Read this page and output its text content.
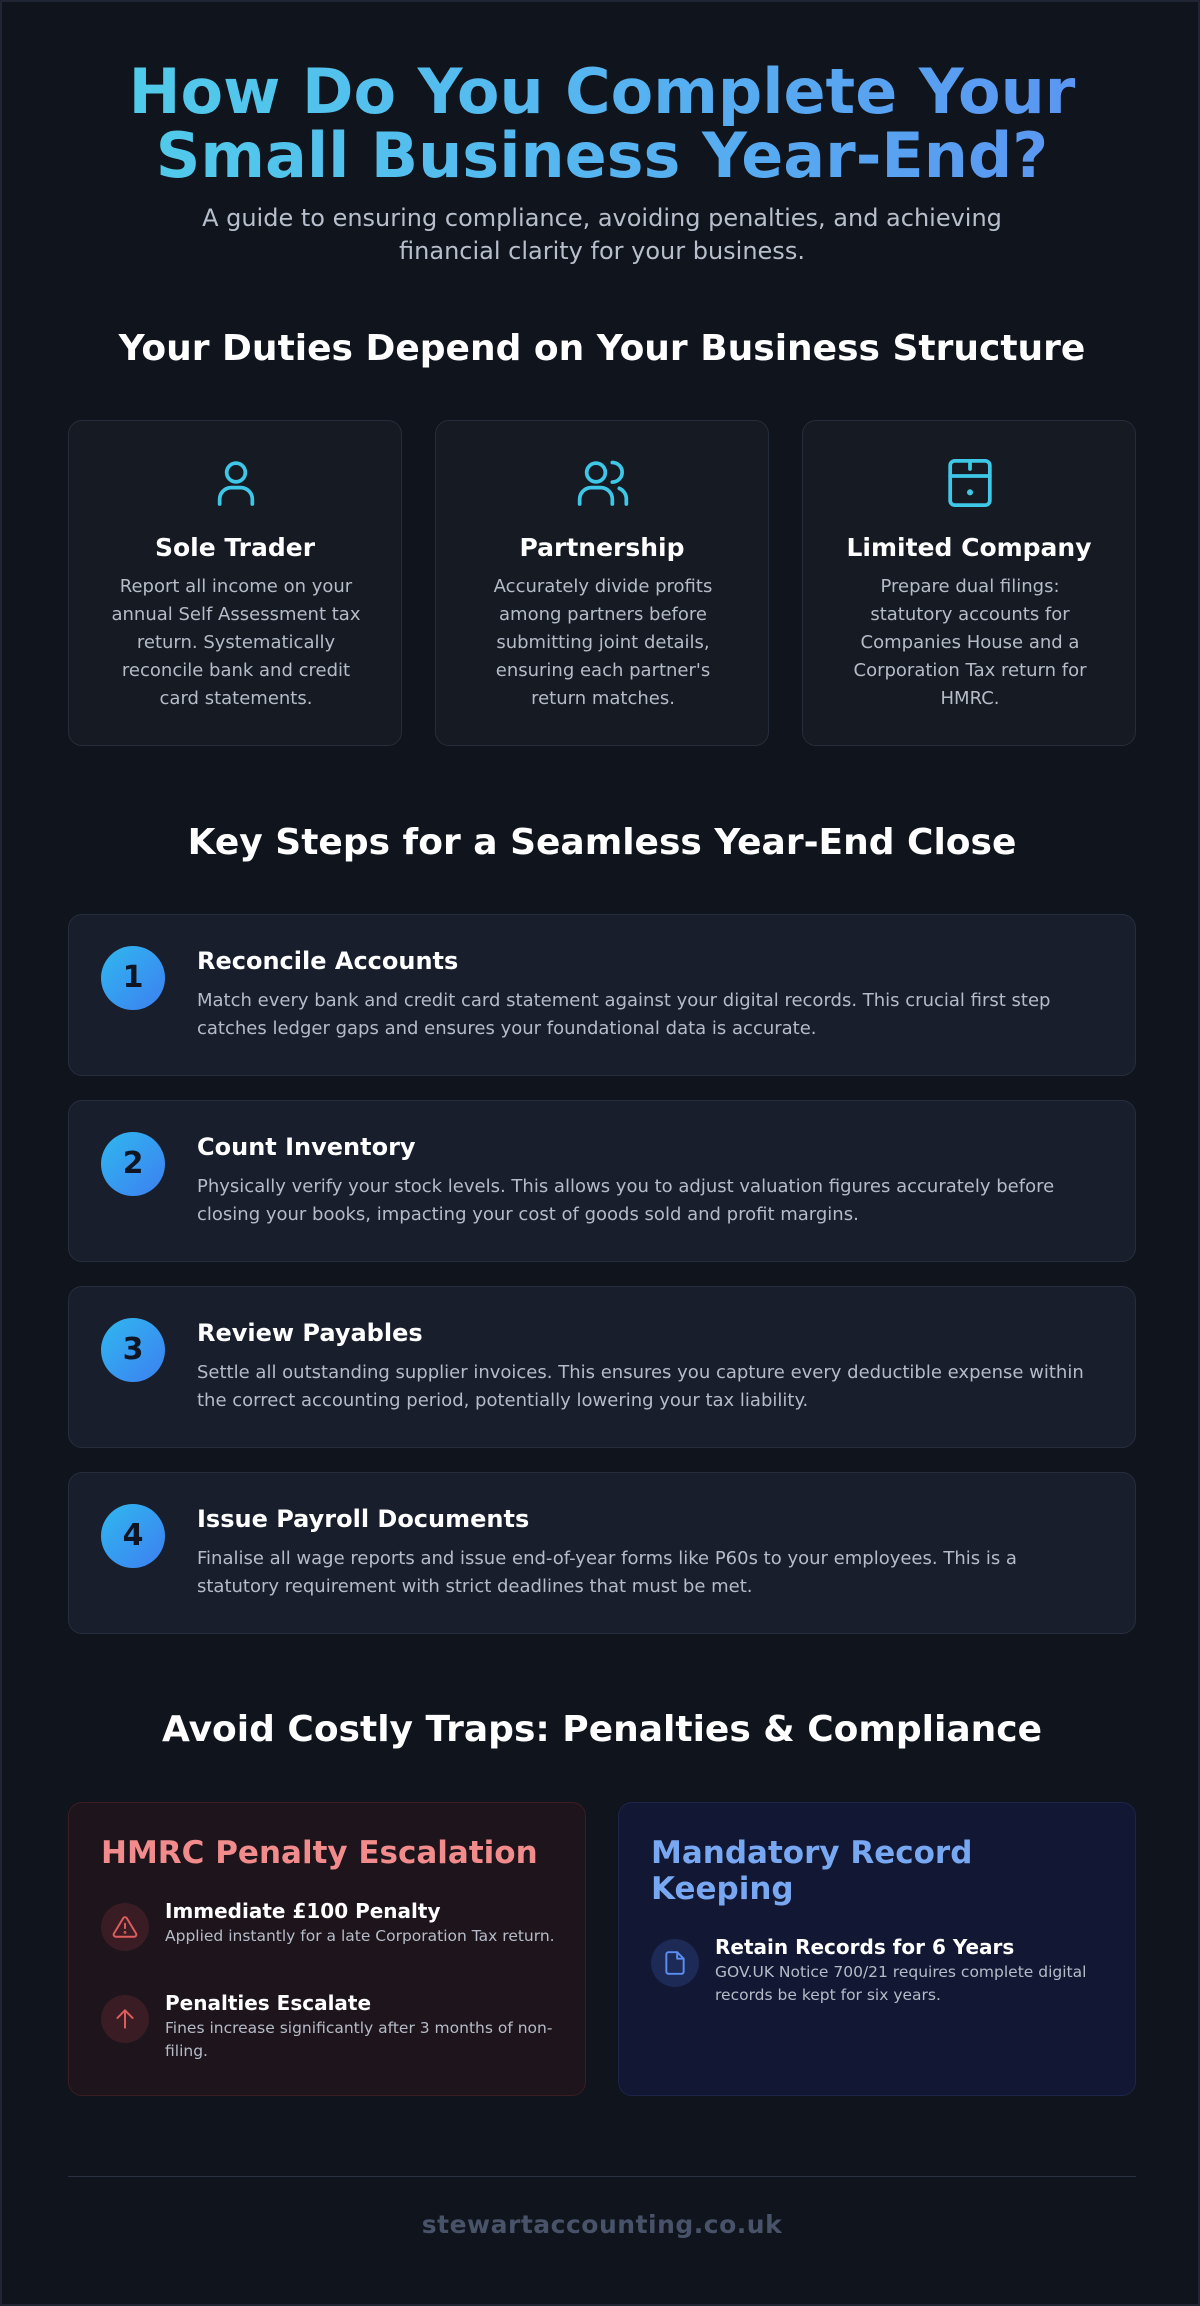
How Do You Complete Your
Small Business Year-End?

A guide to ensuring compliance, avoiding penalties, and achieving
financial clarity for your business.

Your Duties Depend on Your Business Structure
Sole Trader

Report all income on your annual Self Assessment tax return. Systematically reconcile bank and credit card statements.

Partnership

Accurately divide profits among partners before submitting joint details, ensuring each partner's return matches.

Limited Company

Prepare dual filings: statutory accounts for Companies House and a Corporation Tax return for HMRC.

Key Steps for a Seamless Year-End Close
1	Reconcile Accounts

Match every bank and credit card statement against your digital records. This crucial first step catches ledger gaps and ensures your foundational data is accurate.

2	Count Inventory

Physically verify your stock levels. This allows you to adjust valuation figures accurately before closing your books, impacting your cost of goods sold and profit margins.

3	Review Payables

Settle all outstanding supplier invoices. This ensures you capture every deductible expense within the correct accounting period, potentially lowering your tax liability.

4	Issue Payroll Documents

Finalise all wage reports and issue end-of-year forms like P60s to your employees. This is a statutory requirement with strict deadlines that must be met.

Avoid Costly Traps: Penalties & Compliance
HMRC Penalty Escalation
Immediate £100 Penalty

Applied instantly for a late Corporation Tax return.

Penalties Escalate

Fines increase significantly after 3 months of non-filing.

Mandatory Record Keeping
Retain Records for 6 Years

GOV.UK Notice 700/21 requires complete digital records be kept for six years.

stewartaccounting.co.uk
